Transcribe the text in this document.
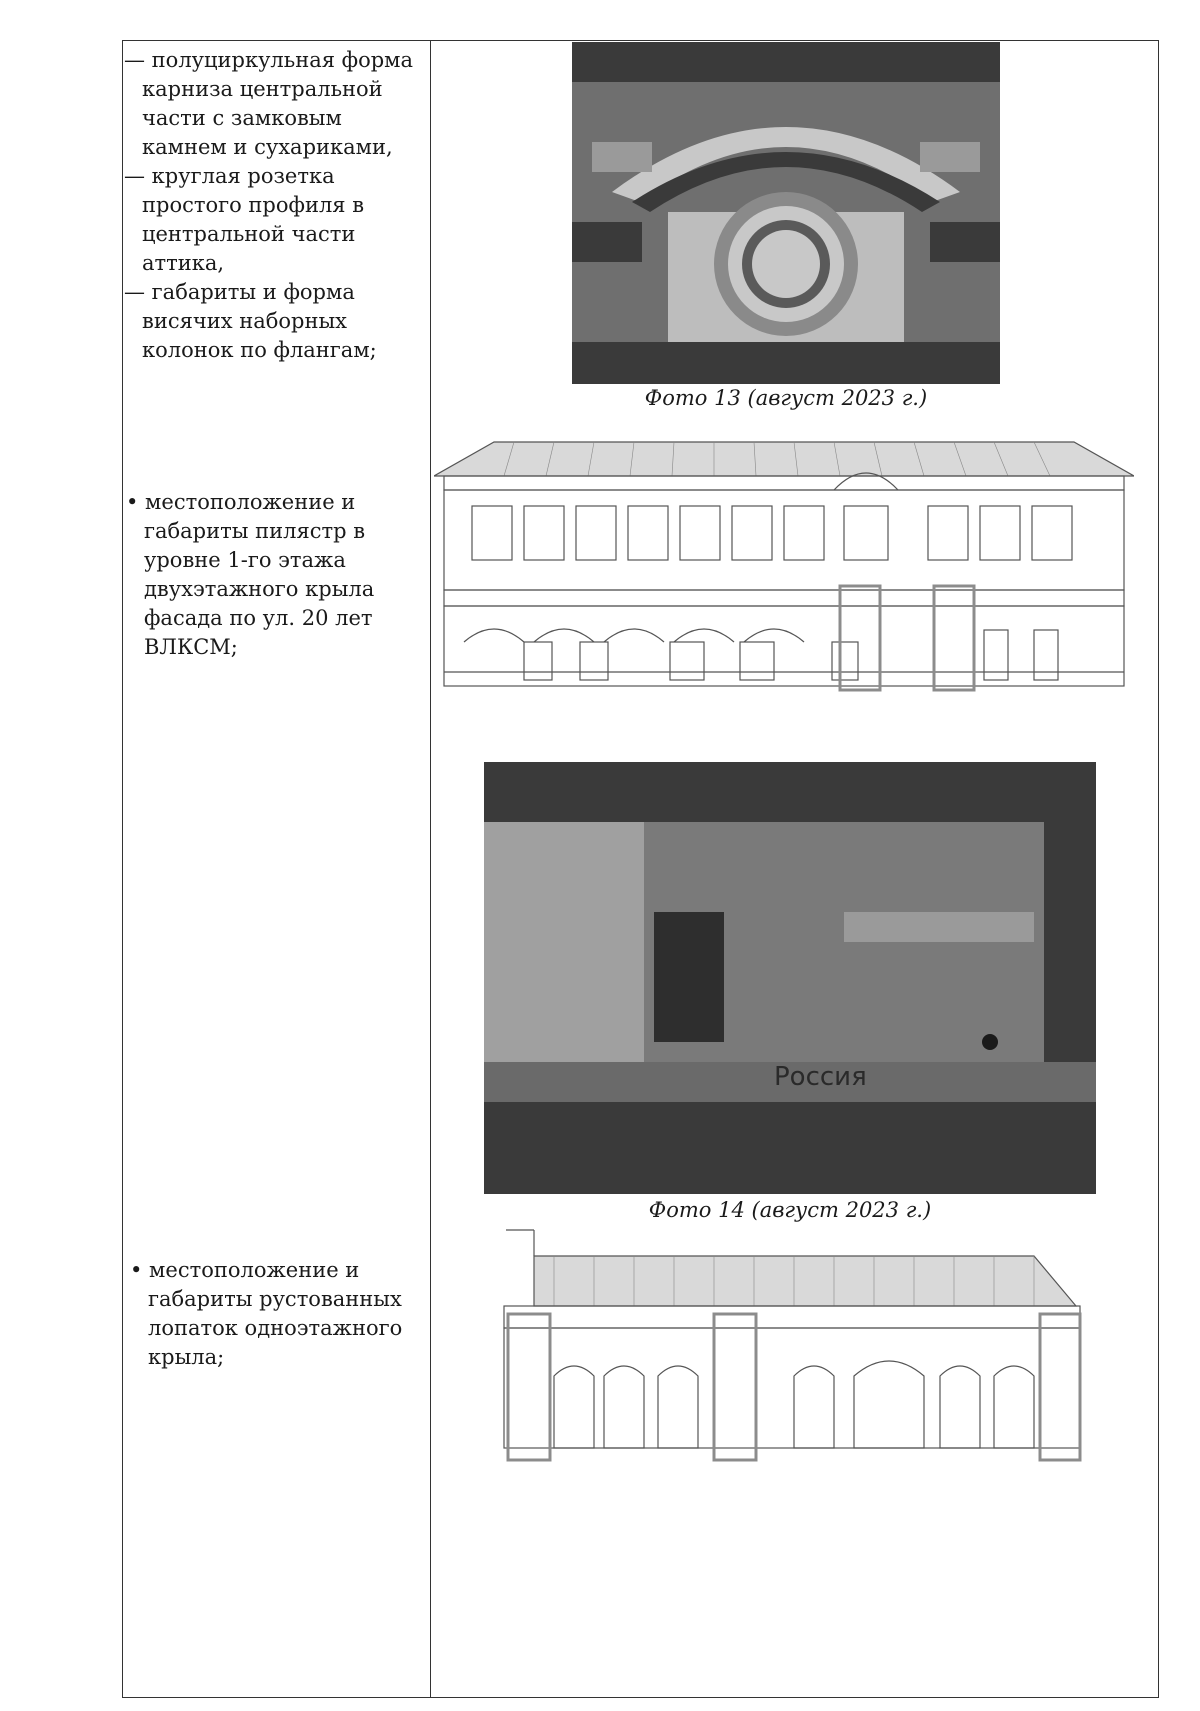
— полуциркульная форма
карниза центральной
части с замковым
камнем и сухариками,
— круглая розетка
простого профиля в
центральной части
аттика,
— габариты и форма
висячих наборных
колонок по флангам;
• местоположение и
габариты пилястр в
уровне 1-го этажа
двухэтажного крыла
фасада по ул. 20 лет
ВЛКСМ;
• местоположение и
габариты рустованных
лопаток одноэтажного
крыла;
Фото 13 (август 2023 г.)
Россия
Фото 14 (август 2023 г.)
